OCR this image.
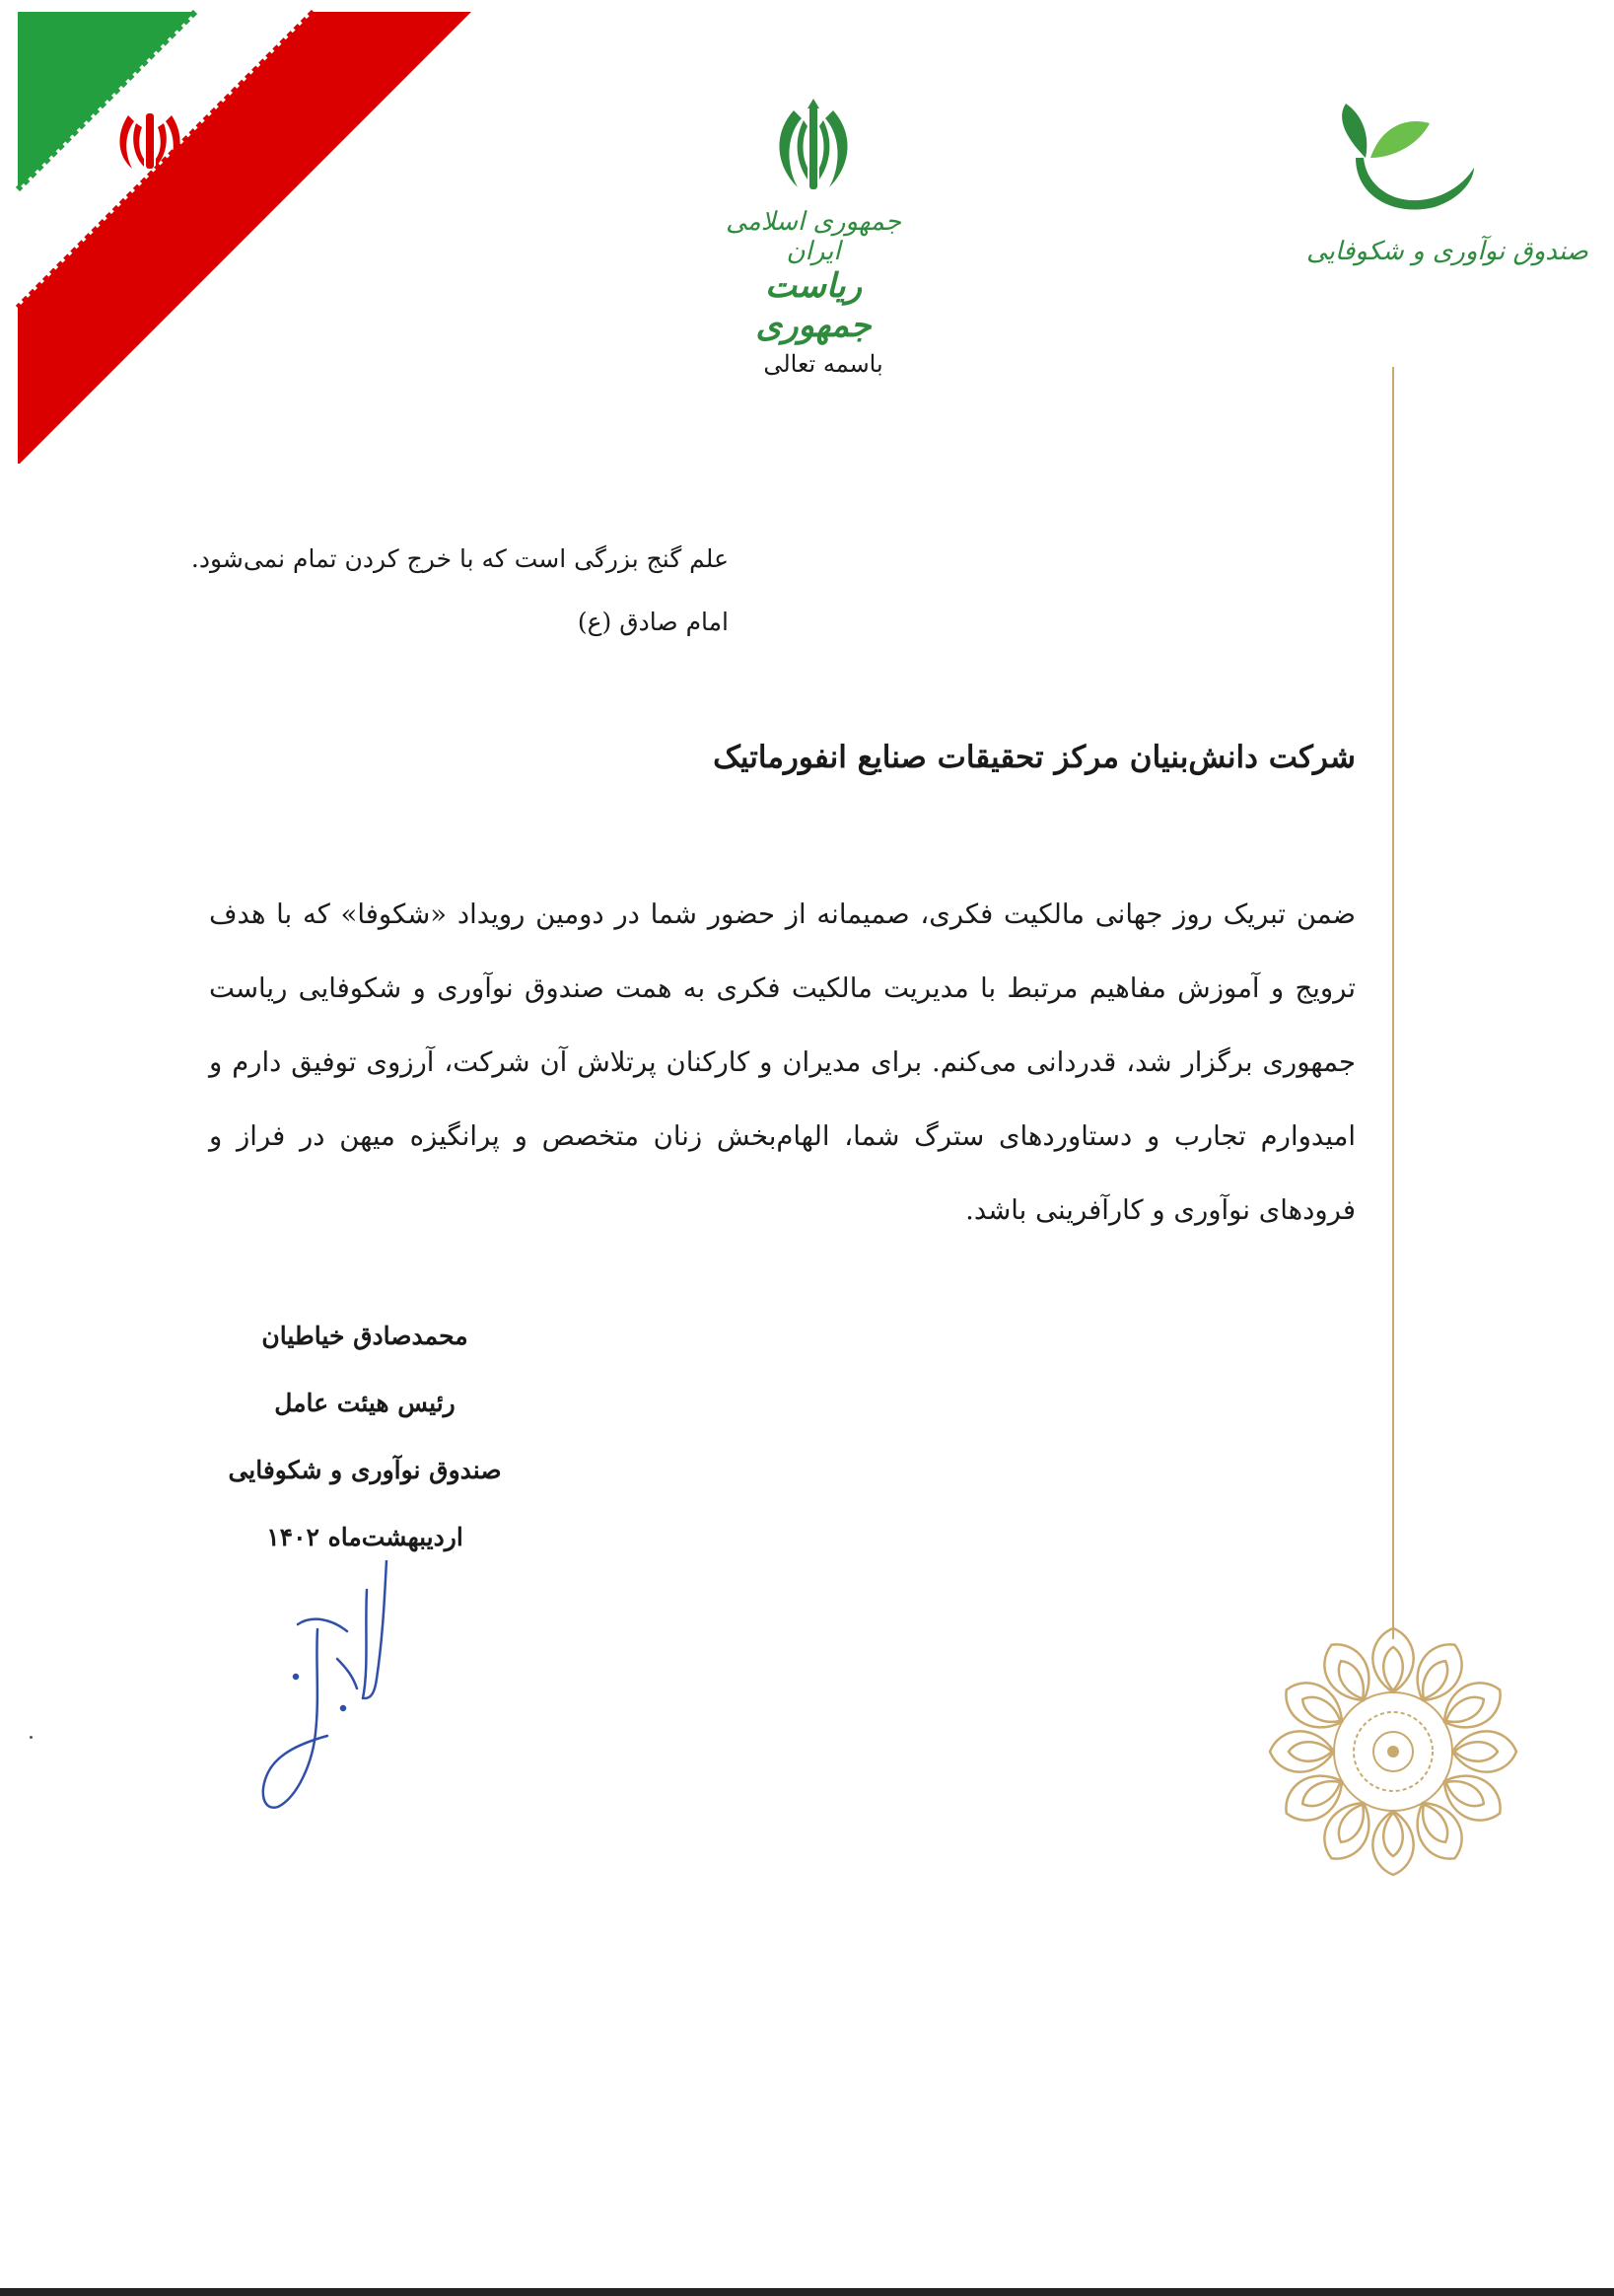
جمهوری اسلامی ایران
ریاست جمهوری
صندوق نوآوری و شکوفایی
باسمه تعالی
علم گنج بزرگی است که با خرج کردن تمام نمی‌شود.
امام صادق (ع)
شرکت دانش‌بنیان مرکز تحقیقات صنایع انفورماتیک
ضمن تبریک روز جهانی مالکیت فکری، صمیمانه از حضور شما در دومین رویداد «شکوفا» که با هدف ترویج و آموزش مفاهیم مرتبط با مدیریت مالکیت فکری به همت صندوق نوآوری و شکوفایی ریاست جمهوری برگزار شد، قدردانی می‌کنم. برای مدیران و کارکنان پرتلاش آن شرکت، آرزوی توفیق دارم و امیدوارم تجارب و دستاوردهای سترگ شما، الهام‌بخش زنان متخصص و پرانگیزه میهن در فراز و فرودهای نوآوری و کارآفرینی باشد.
محمدصادق خیاطیان
رئیس هیئت عامل
صندوق نوآوری و شکوفایی
اردیبهشت‌ماه ۱۴۰۲
